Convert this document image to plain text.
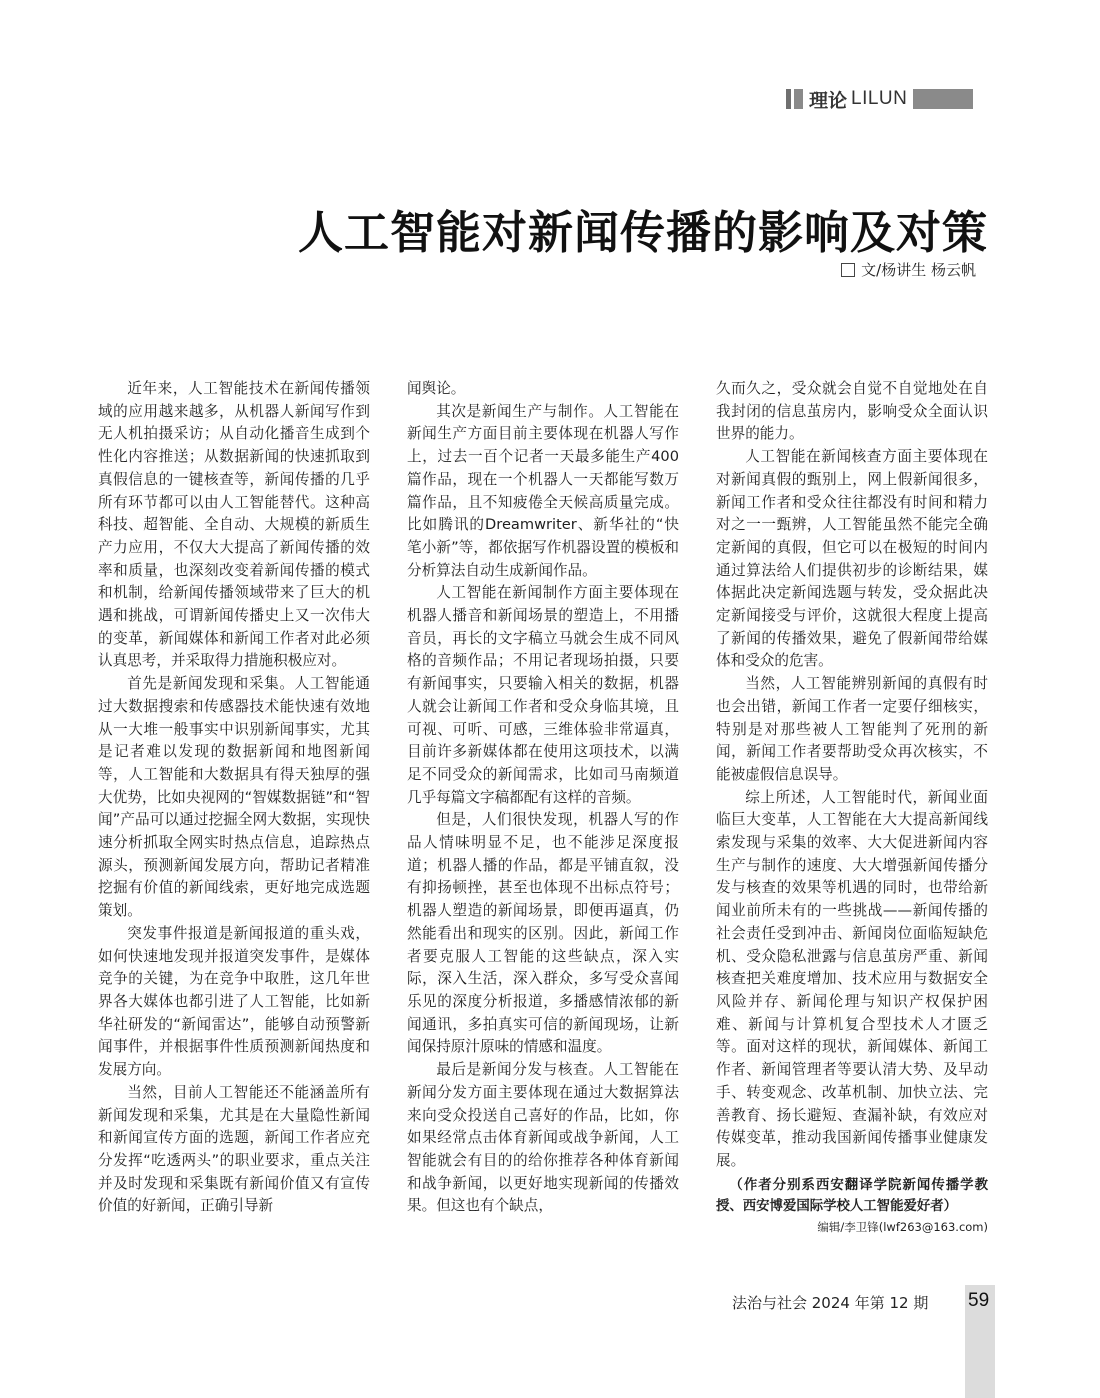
理论 LILUN
人工智能对新闻传播的影响及对策
文/杨讲生 杨云帆

近年来，人工智能技术在新闻传播领域的应用越来越多，从机器人新闻写作到无人机拍摄采访；从自动化播音生成到个性化内容推送；从数据新闻的快速抓取到真假信息的一键核查等，新闻传播的几乎所有环节都可以由人工智能替代。这种高科技、超智能、全自动、大规模的新质生产力应用，不仅大大提高了新闻传播的效率和质量，也深刻改变着新闻传播的模式和机制，给新闻传播领域带来了巨大的机遇和挑战，可谓新闻传播史上又一次伟大的变革，新闻媒体和新闻工作者对此必须认真思考，并采取得力措施积极应对。

首先是新闻发现和采集。人工智能通过大数据搜索和传感器技术能快速有效地从一大堆一般事实中识别新闻事实，尤其是记者难以发现的数据新闻和地图新闻等，人工智能和大数据具有得天独厚的强大优势，比如央视网的“智媒数据链”和“智闻”产品可以通过挖掘全网大数据，实现快速分析抓取全网实时热点信息，追踪热点源头，预测新闻发展方向，帮助记者精准挖掘有价值的新闻线索，更好地完成选题策划。

突发事件报道是新闻报道的重头戏，如何快速地发现并报道突发事件，是媒体竞争的关键，为在竞争中取胜，这几年世界各大媒体也都引进了人工智能，比如新华社研发的“新闻雷达”，能够自动预警新闻事件，并根据事件性质预测新闻热度和发展方向。

当然，目前人工智能还不能涵盖所有新闻发现和采集，尤其是在大量隐性新闻和新闻宣传方面的选题，新闻工作者应充分发挥“吃透两头”的职业要求，重点关注并及时发现和采集既有新闻价值又有宣传价值的好新闻，正确引导新

闻舆论。

其次是新闻生产与制作。人工智能在新闻生产方面目前主要体现在机器人写作上，过去一百个记者一天最多能生产400篇作品，现在一个机器人一天都能写数万篇作品，且不知疲倦全天候高质量完成。比如腾讯的Dreamwriter、新华社的“快笔小新”等，都依据写作机器设置的模板和分析算法自动生成新闻作品。

人工智能在新闻制作方面主要体现在机器人播音和新闻场景的塑造上，不用播音员，再长的文字稿立马就会生成不同风格的音频作品；不用记者现场拍摄，只要有新闻事实，只要输入相关的数据，机器人就会让新闻工作者和受众身临其境，且可视、可听、可感，三维体验非常逼真，目前许多新媒体都在使用这项技术，以满足不同受众的新闻需求，比如司马南频道几乎每篇文字稿都配有这样的音频。

但是，人们很快发现，机器人写的作品人情味明显不足，也不能涉足深度报道；机器人播的作品，都是平铺直叙，没有抑扬顿挫，甚至也体现不出标点符号；机器人塑造的新闻场景，即便再逼真，仍然能看出和现实的区别。因此，新闻工作者要克服人工智能的这些缺点，深入实际，深入生活，深入群众，多写受众喜闻乐见的深度分析报道，多播感情浓郁的新闻通讯，多拍真实可信的新闻现场，让新闻保持原汁原味的情感和温度。

最后是新闻分发与核查。人工智能在新闻分发方面主要体现在通过大数据算法来向受众投送自己喜好的作品，比如，你如果经常点击体育新闻或战争新闻，人工智能就会有目的的给你推荐各种体育新闻和战争新闻，以更好地实现新闻的传播效果。但这也有个缺点，

久而久之，受众就会自觉不自觉地处在自我封闭的信息茧房内，影响受众全面认识世界的能力。

人工智能在新闻核查方面主要体现在对新闻真假的甄别上，网上假新闻很多，新闻工作者和受众往往都没有时间和精力对之一一甄辨，人工智能虽然不能完全确定新闻的真假，但它可以在极短的时间内通过算法给人们提供初步的诊断结果，媒体据此决定新闻选题与转发，受众据此决定新闻接受与评价，这就很大程度上提高了新闻的传播效果，避免了假新闻带给媒体和受众的危害。

当然，人工智能辨别新闻的真假有时也会出错，新闻工作者一定要仔细核实，特别是对那些被人工智能判了死刑的新闻，新闻工作者要帮助受众再次核实，不能被虚假信息误导。

综上所述，人工智能时代，新闻业面临巨大变革，人工智能在大大提高新闻线索发现与采集的效率、大大促进新闻内容生产与制作的速度、大大增强新闻传播分发与核查的效果等机遇的同时，也带给新闻业前所未有的一些挑战——新闻传播的社会责任受到冲击、新闻岗位面临短缺危机、受众隐私泄露与信息茧房严重、新闻核查把关难度增加、技术应用与数据安全风险并存、新闻伦理与知识产权保护困难、新闻与计算机复合型技术人才匮乏等。面对这样的现状，新闻媒体、新闻工作者、新闻管理者等要认清大势、及早动手、转变观念、改革机制、加快立法、完善教育、扬长避短、查漏补缺，有效应对传媒变革，推动我国新闻传播事业健康发展。

（作者分别系西安翻译学院新闻传播学教授、西安博爱国际学校人工智能爱好者）

编辑/李卫锋(lwf263@163.com)

法治与社会 2024 年第 12 期 59
